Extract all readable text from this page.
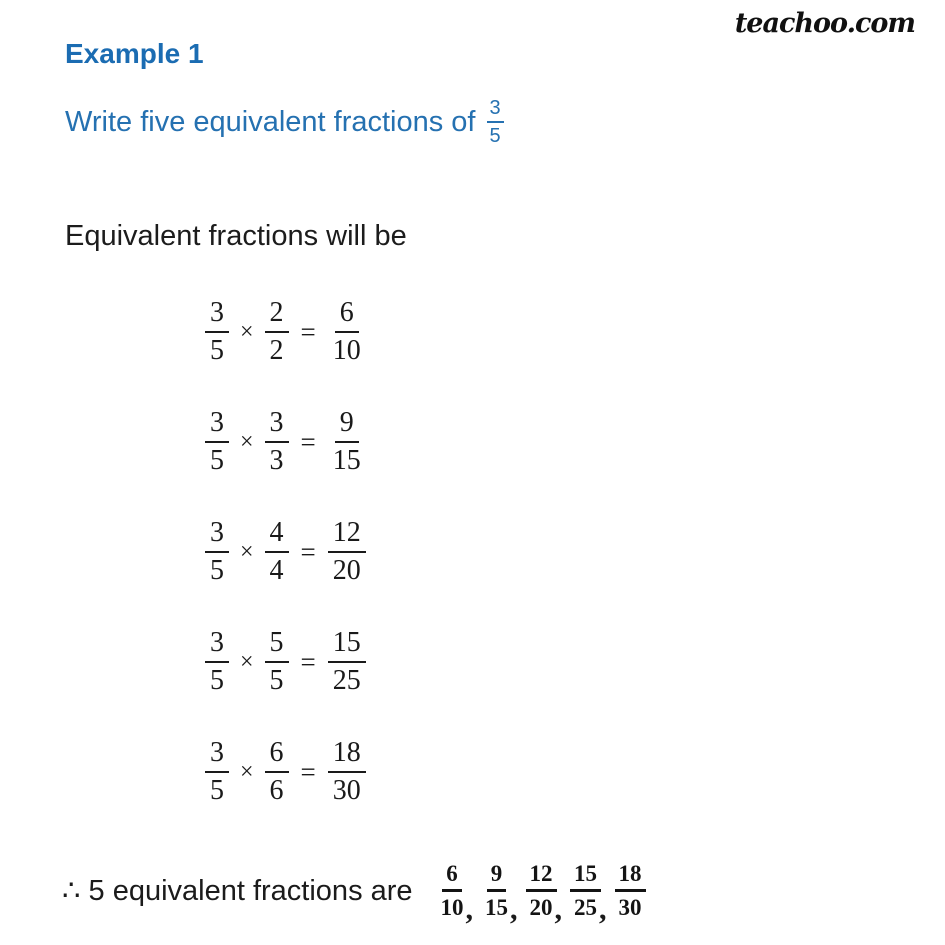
teachoo.com
Example 1
Write five equivalent fractions of $\frac{3}{5}$
Equivalent fractions will be
$\frac{3}{5} \times \frac{2}{2} = \frac{6}{10}$
$\frac{3}{5} \times \frac{3}{3} = \frac{9}{15}$
$\frac{3}{5} \times \frac{4}{4} = \frac{12}{20}$
$\frac{3}{5} \times \frac{5}{5} = \frac{15}{25}$
$\frac{3}{5} \times \frac{6}{6} = \frac{18}{30}$
∴ 5 equivalent fractions are $\frac{6}{10}$
, $\frac{9}{15}$
, $\frac{12}{20}$
, $\frac{15}{25}$
, $\frac{18}{30}$
